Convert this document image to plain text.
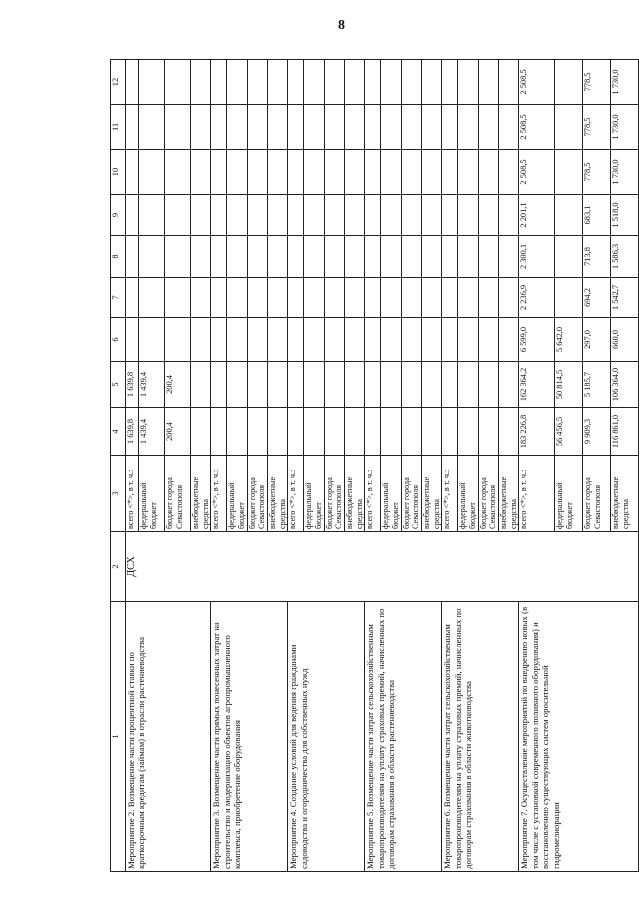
8
1	2	3	4	5	6	7	8	9	10	11	12
Мероприятие 2. Возмещение части процентной ставки по краткосрочным кредитам (займам) в отрасли растениеводства	ДСХ	всего <*>, в т. ч.:	1 639,8	1 639,8							
		федеральный бюджет	1 439,4	1 439,4							
		бюджет города Севастополя	200,4	200,4							
		внебюджетные средства									
Мероприятие 3. Возмещение части прямых понесенных затрат на строительство и модернизацию объектов агропромышленного комплекса, приобретение оборудования		всего <*>, в т. ч.:									
		федеральный бюджет									
		бюджет города Севастополя									
		внебюджетные средства									
Мероприятие 4. Создание условий для ведения гражданами садоводства и огородничества для собственных нужд		всего <*>, в т. ч.:									
		федеральный бюджет									
		бюджет города Севастополя									
		внебюджетные средства									
Мероприятие 5. Возмещение части затрат сельскохозяйственным товаропроизводителям на уплату страховых премий, начисленных по договорам страхования в области растениеводства		всего <*>, в т. ч.:									
		федеральный бюджет									
		бюджет города Севастополя									
		внебюджетные средства									
Мероприятие 6. Возмещение части затрат сельскохозяйственным товаропроизводителям на уплату страховых премий, начисленных по договорам страхования в области животноводства		всего <*>, в т. ч.:									
		федеральный бюджет									
		бюджет города Севастополя									
		внебюджетные средства									
Мероприятие 7. Осуществление мероприятий по внедрению новых (в том числе с установкой современного поливного оборудования) и восстановлению существующих систем оросительной гидромелиорации		всего <*>, в т. ч.:	183 226,8	162 364,2	6 599,0	2 236,9	2 300,1	2 201,1	2 508,5	2 508,5	2 508,5
		федеральный бюджет	56 456,5	50 814,5	5 642,0						
		бюджет города Севастополя	9 909,3	5 185,7	297,0	694,2	713,8	683,1	778,5	778,5	778,5
		внебюджетные средства	116 861,0	106 364,0	660,0	1 542,7	1 586,3	1 518,0	1 730,0	1 730,0	1 730,0
